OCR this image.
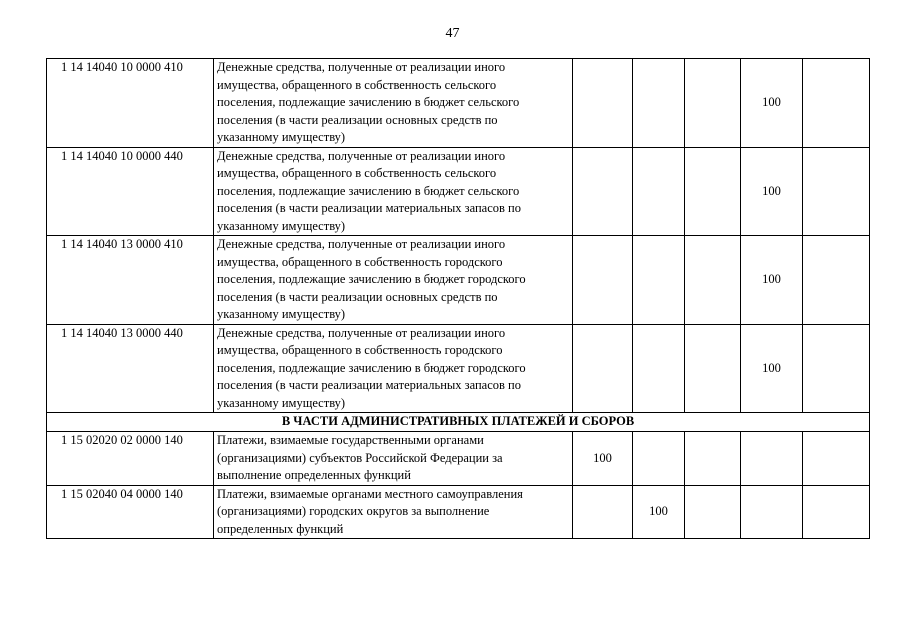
47
1 14 14040 10 0000 410	Денежные средства, полученные от реализации иного
имущества, обращенного в собственность сельского
поселения, подлежащие зачислению в бюджет сельского
поселения (в части реализации основных средств по
указанному имуществу)				100	
1 14 14040 10 0000 440	Денежные средства, полученные от реализации иного
имущества, обращенного в собственность сельского
поселения, подлежащие зачислению в бюджет сельского
поселения (в части реализации материальных запасов по
указанному имуществу)				100	
1 14 14040 13 0000 410	Денежные средства, полученные от реализации иного
имущества, обращенного в собственность городского
поселения, подлежащие зачислению в бюджет городского
поселения (в части реализации основных средств по
указанному имуществу)				100	
1 14 14040 13 0000 440	Денежные средства, полученные от реализации иного
имущества, обращенного в собственность городского
поселения, подлежащие зачислению в бюджет городского
поселения (в части реализации материальных запасов по
указанному имуществу)				100	
В ЧАСТИ АДМИНИСТРАТИВНЫХ ПЛАТЕЖЕЙ И СБОРОВ						
1 15 02020 02 0000 140	Платежи, взимаемые государственными органами
(организациями) субъектов Российской Федерации за
выполнение определенных функций	100				
1 15 02040 04 0000 140	Платежи, взимаемые органами местного самоуправления
(организациями) городских округов за выполнение
определенных функций		100			
